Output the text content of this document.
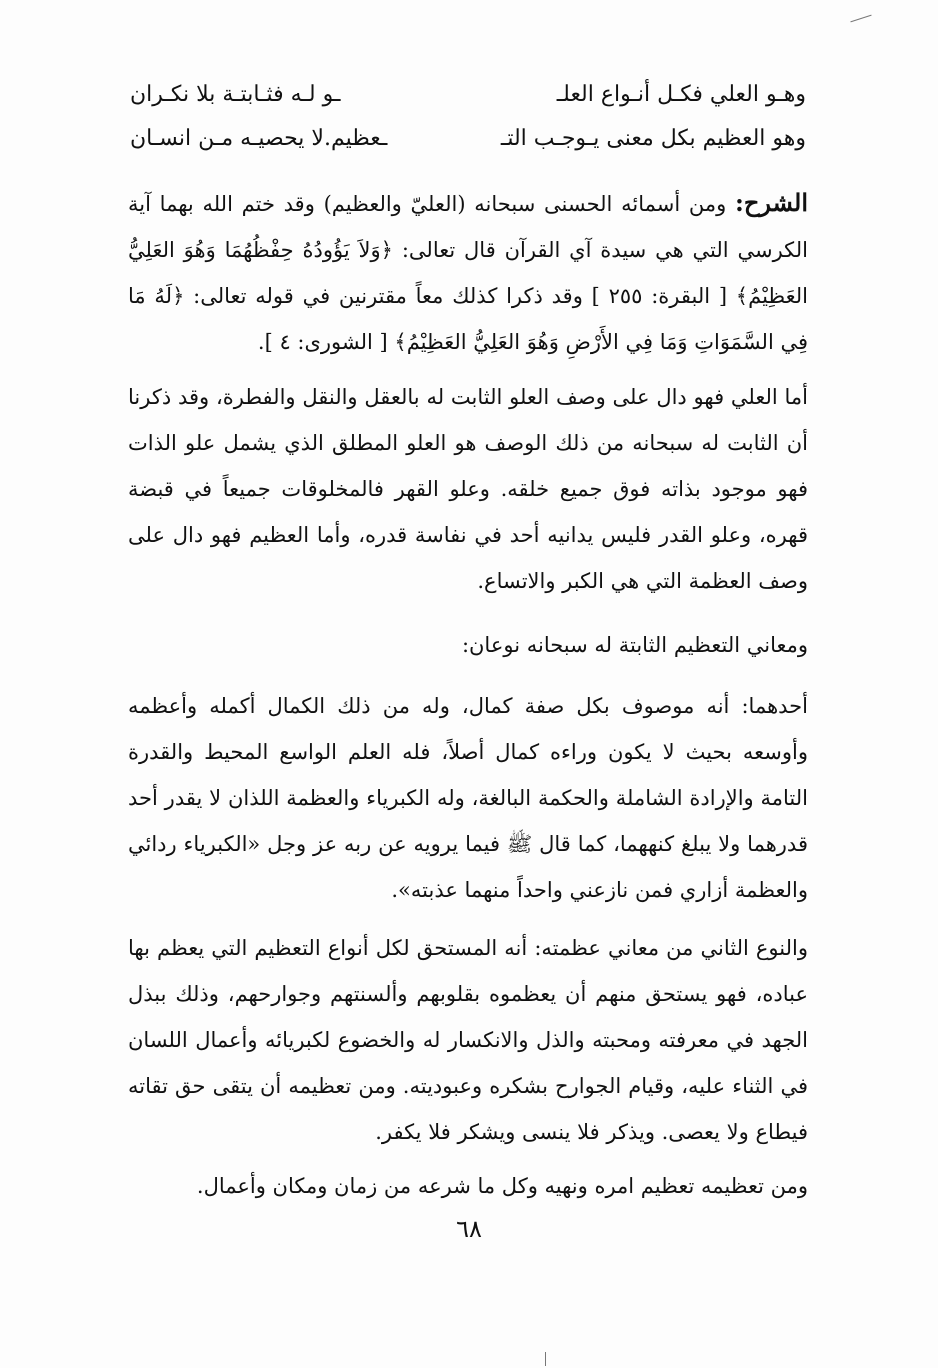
وهـو العلي فكـل أنـواع العلـ
ـو لـه فثـابتـة بلا نكـران
وهو العظيم بكل معنى يـوجـب التـ
ـعظيم.لا يحصيـه مـن انسـان

الشرح: ومن أسمائه الحسنى سبحانه (العليّ والعظيم) وقد ختم الله بهما آية الكرسي التي هي سيدة آي القرآن قال تعالى: ﴿وَلاَ يَؤُودُهُ حِفْظُهُمَا وَهُوَ العَلِيُّ العَظِيْمُ﴾ [ البقرة: ٢٥٥ ] وقد ذكرا كذلك معاً مقترنين في قوله تعالى: ﴿لَهُ مَا فِي السَّمَوَاتِ وَمَا فِي الأَرْضِ وَهُوَ العَلِيُّ العَظِيْمُ﴾ [ الشورى: ٤ ].

أما العلي فهو دال على وصف العلو الثابت له بالعقل والنقل والفطرة، وقد ذكرنا أن الثابت له سبحانه من ذلك الوصف هو العلو المطلق الذي يشمل علو الذات فهو موجود بذاته فوق جميع خلقه. وعلو القهر فالمخلوقات جميعاً في قبضة قهره، وعلو القدر فليس يدانيه أحد في نفاسة قدره، وأما العظيم فهو دال على وصف العظمة التي هي الكبر والاتساع.

ومعاني التعظيم الثابتة له سبحانه نوعان:

أحدهما: أنه موصوف بكل صفة كمال، وله من ذلك الكمال أكمله وأعظمه وأوسعه بحيث لا يكون وراءه كمال أصلاً، فله العلم الواسع المحيط والقدرة التامة والإرادة الشاملة والحكمة البالغة، وله الكبرياء والعظمة اللذان لا يقدر أحد قدرهما ولا يبلغ كنههما، كما قال ﷺ فيما يرويه عن ربه عز وجل «الكبرياء ردائي والعظمة أزاري فمن نازعني واحداً منهما عذبته».

والنوع الثاني من معاني عظمته: أنه المستحق لكل أنواع التعظيم التي يعظم بها عباده، فهو يستحق منهم أن يعظموه بقلوبهم وألسنتهم وجوارحهم، وذلك ببذل الجهد في معرفته ومحبته والذل والانكسار له والخضوع لكبريائه وأعمال اللسان في الثناء عليه، وقيام الجوارح بشكره وعبوديته. ومن تعظيمه أن يتقى حق تقاته فيطاع ولا يعصى. ويذكر فلا ينسى ويشكر فلا يكفر.

ومن تعظيمه تعظيم امره ونهيه وكل ما شرعه من زمان ومكان وأعمال.

٦٨
